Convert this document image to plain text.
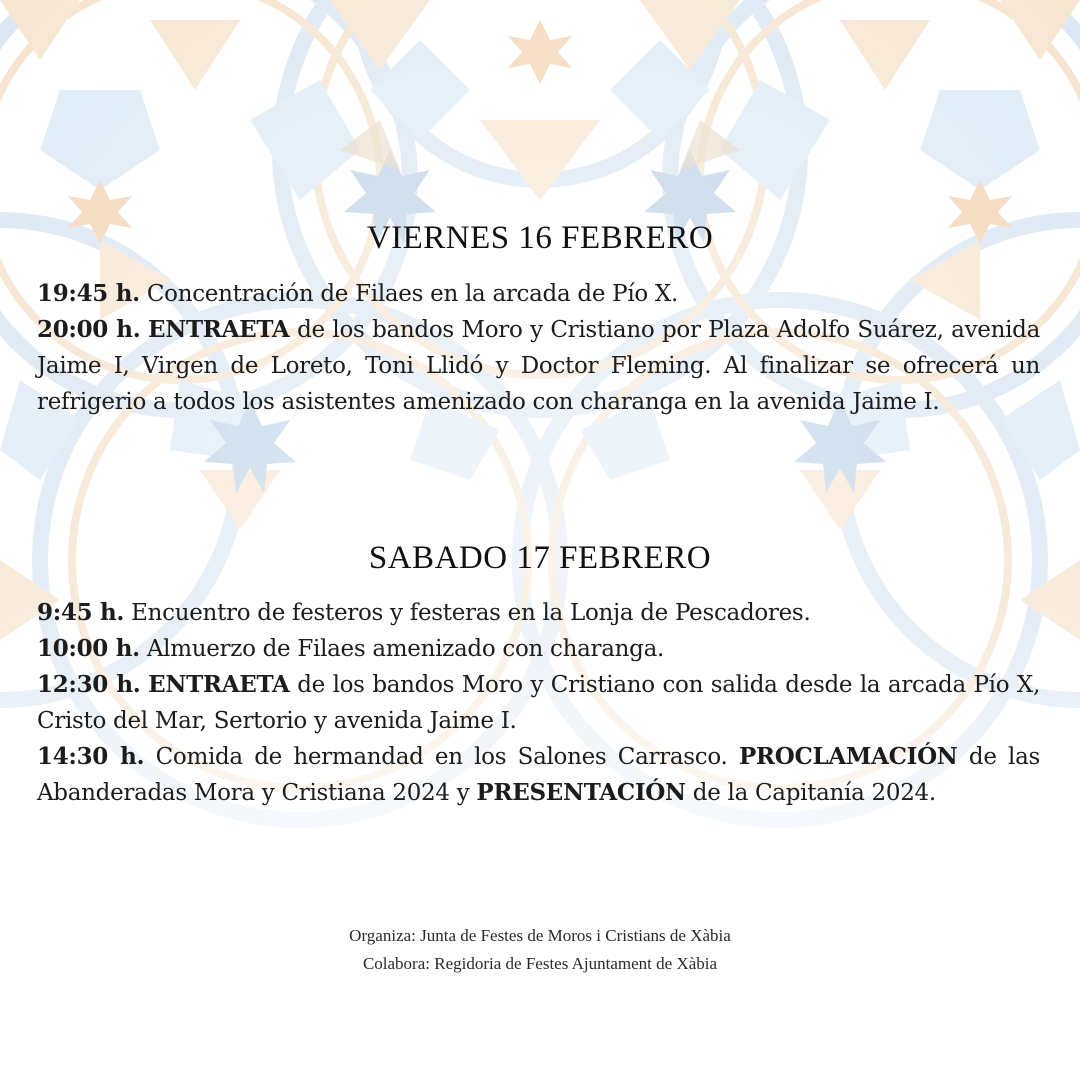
VIERNES 16 FEBRERO

19:45 h. Concentración de Filaes en la arcada de Pío X.

20:00 h. ENTRAETA de los bandos Moro y Cristiano por Plaza Adolfo Suárez, avenida Jaime I, Virgen de Loreto, Toni Llidó y Doctor Fleming. Al finalizar se ofrecerá un refrigerio a todos los asistentes amenizado con charanga en la avenida Jaime I.

SABADO 17 FEBRERO

9:45 h. Encuentro de festeros y festeras en la Lonja de Pescadores.

10:00 h. Almuerzo de Filaes amenizado con charanga.

12:30 h. ENTRAETA de los bandos Moro y Cristiano con salida desde la arcada Pío X, Cristo del Mar, Sertorio y avenida Jaime I.

14:30 h. Comida de hermandad en los Salones Carrasco. PROCLAMACIÓN de las Abanderadas Mora y Cristiana 2024 y PRESENTACIÓN de la Capitanía 2024.

Organiza: Junta de Festes de Moros i Cristians de Xàbia
Colabora: Regidoria de Festes Ajuntament de Xàbia
